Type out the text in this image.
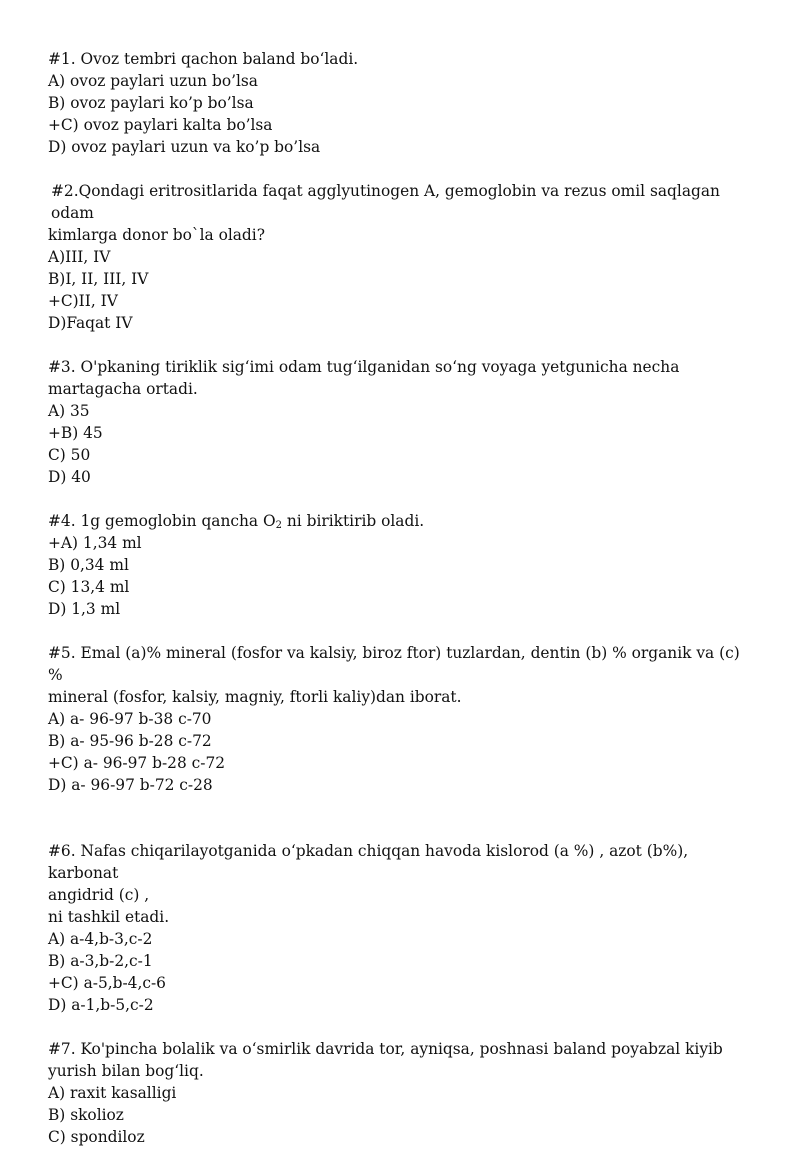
#1. Ovoz tembri qachon baland bo‘ladi.

A) ovoz paylari uzun bo’lsa

B) ovoz paylari ko’p bo’lsa

+C) ovoz paylari kalta bo’lsa

D) ovoz paylari uzun va ko’p bo’lsa

#2.Qondagi eritrositlarida faqat agglyutinogen A, gemoglobin va rezus omil saqlagan odam

kimlarga donor bo`la oladi?

A)III, IV

B)I, II, III, IV

+C)II, IV

D)Faqat IV

#3. O'pkaning tiriklik sig‘imi odam tug‘ilganidan so‘ng voyaga yetgunicha necha

martagacha ortadi.

A) 35

+B) 45

C) 50

D) 40

#4. 1g gemoglobin qancha $O_2$ ni biriktirib oladi.

+A) 1,34 ml

B) 0,34 ml

C) 13,4 ml

D) 1,3 ml

#5. Emal (a)% mineral (fosfor va kalsiy, biroz ftor) tuzlardan, dentin (b) % organik va (c) %

mineral (fosfor, kalsiy, magniy, ftorli kaliy)dan iborat.

A) a- 96-97 b-38 c-70

B) a- 95-96 b-28 c-72

+C) a- 96-97 b-28 c-72

D) a- 96-97 b-72 c-28

#6. Nafas chiqarilayotganida o‘pkadan chiqqan havoda kislorod (a %) , azot (b%), karbonat

angidrid (c) ,

ni tashkil etadi.

A) a-4,b-3,c-2

B) a-3,b-2,c-1

+C) a-5,b-4,c-6

D) a-1,b-5,c-2

#7. Ko'pincha bolalik va o‘smirlik davrida tor, ayniqsa, poshnasi baland poyabzal kiyib

yurish bilan bog‘liq.

A) raxit kasalligi

B) skolioz

C) spondiloz
